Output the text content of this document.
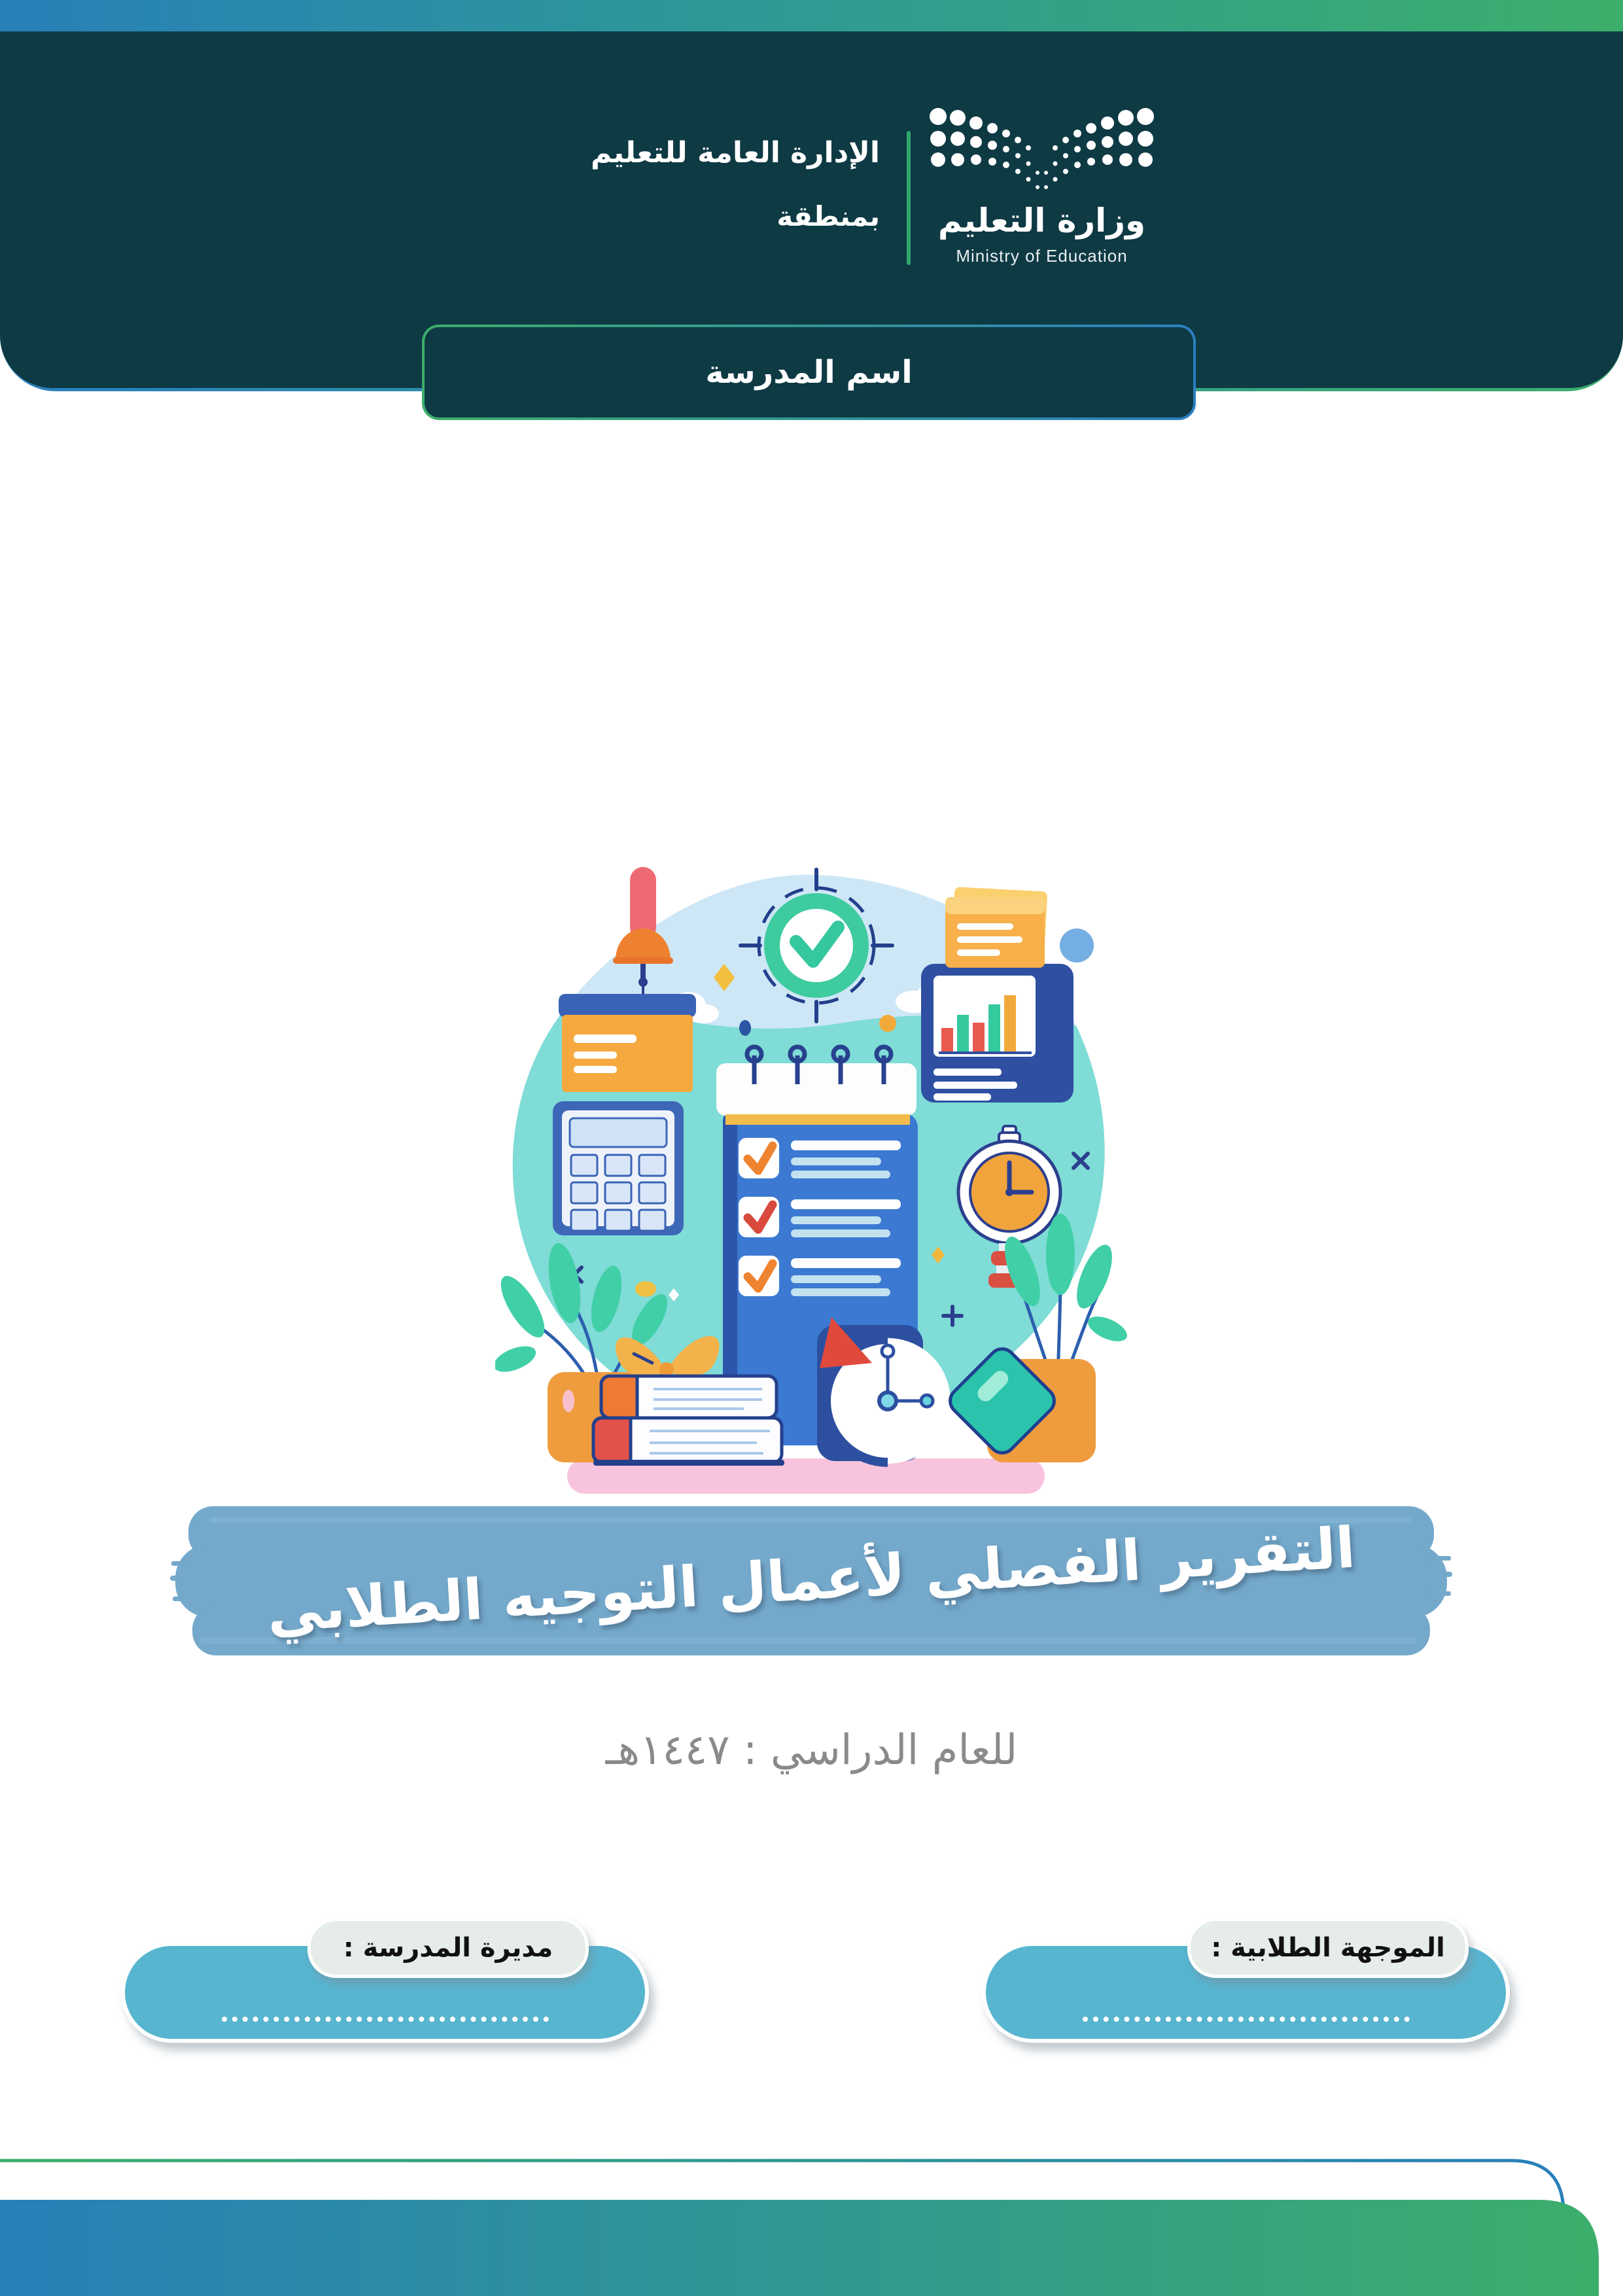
الإدارة العامة للتعليم
بمنطقة وزارة التعليم
Ministry of Education
اسم المدرسة
التقرير الفصلي لأعمال التوجيه الطلابي
للعام الدراسي : ١٤٤٧هـ
مديرة المدرسة :	الموجهة الطلابية :
